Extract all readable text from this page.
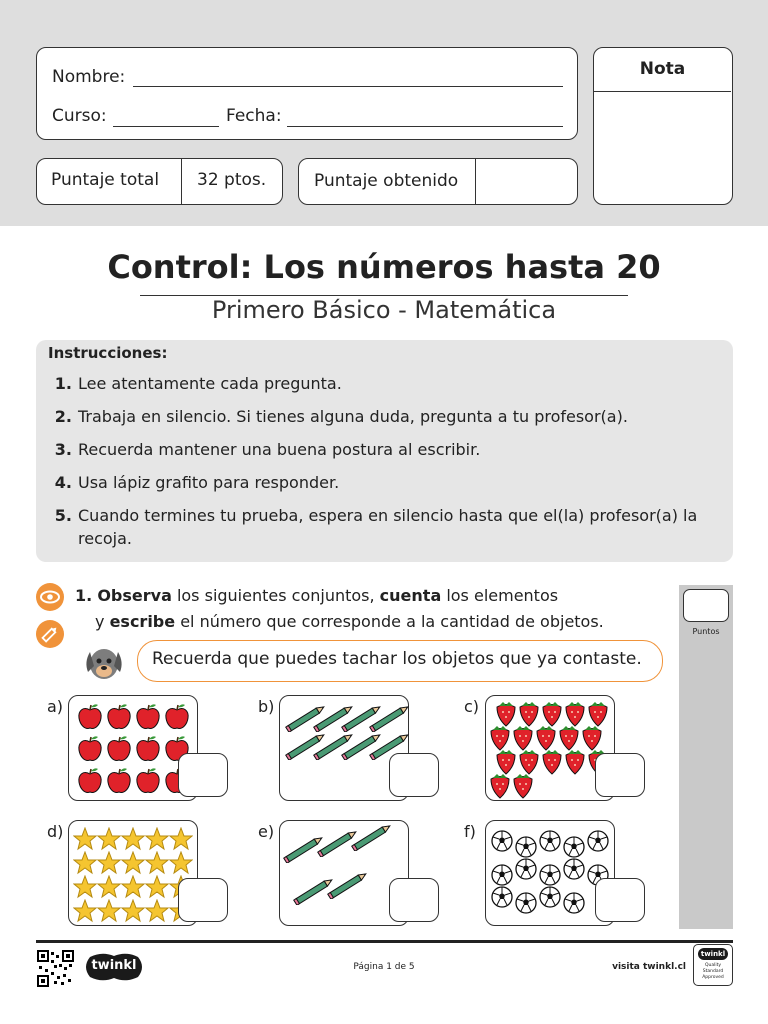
Nombre:
Curso:	Fecha:
Nota
Puntaje total 32 ptos.	Puntaje obtenido
Control: Los números hasta 20
Primero Básico - Matemática
Instrucciones:
1. Lee atentamente cada pregunta.
2. Trabaja en silencio. Si tienes alguna duda, pregunta a tu profesor(a).
3. Recuerda mantener una buena postura al escribir.
4. Usa lápiz grafito para responder.
5. Cuando termines tu prueba, espera en silencio hasta que el(la) profesor(a) la recoja.
1. Observa los siguientes conjuntos, cuenta los elementos
y escribe el número que corresponde a la cantidad de objetos.
Recuerda que puedes tachar los objetos que ya contaste.
Puntos
a)	b)	c)
d)	e)	f)
twinkl	Página 1 de 5	visita twinkl.cl
twinkl
Quality Standard Approved
